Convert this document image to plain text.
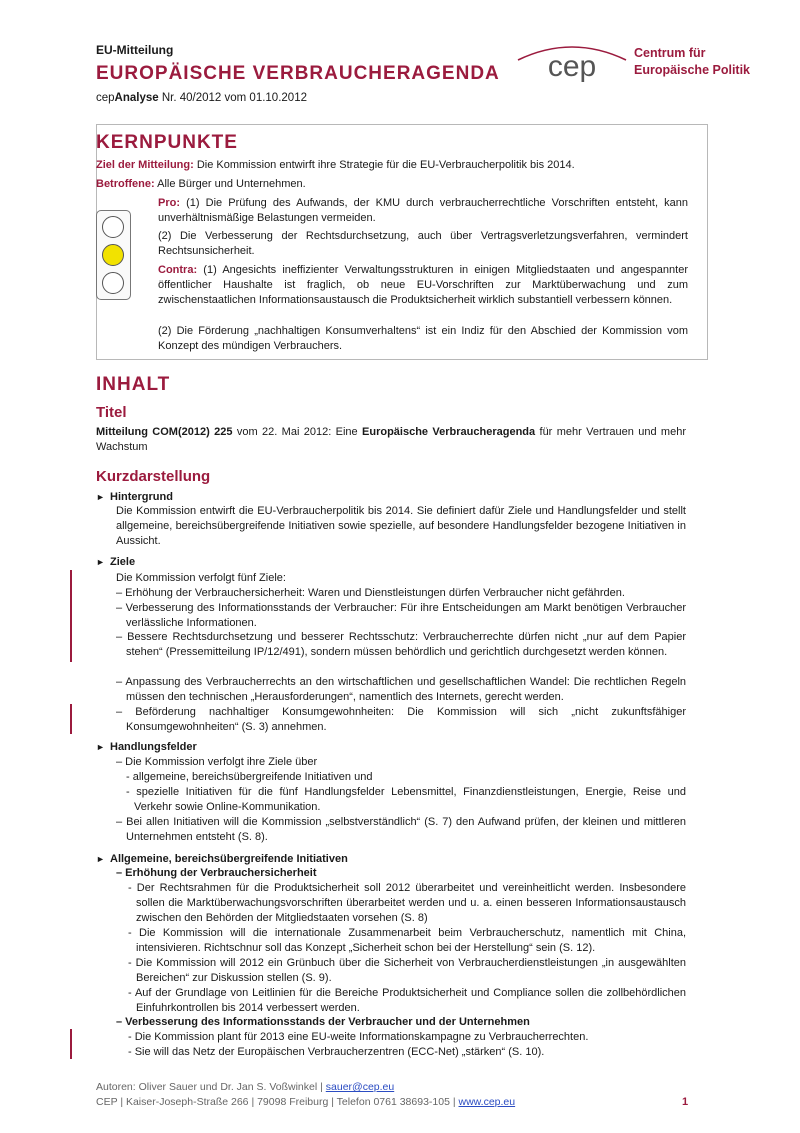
EU-Mitteilung
EUROPÄISCHE VERBRAUCHERAGENDA
cepAnalyse Nr. 40/2012 vom 01.10.2012
cep	Centrum für
Europäische Politik
KERNPUNKTE
Ziel der Mitteilung: Die Kommission entwirft ihre Strategie für die EU-Verbraucherpolitik bis 2014.
Betroffene: Alle Bürger und Unternehmen.
Pro: (1) Die Prüfung des Aufwands, der KMU durch verbraucherrechtliche Vorschriften entsteht, kann unverhältnismäßige Belastungen vermeiden.
(2) Die Verbesserung der Rechtsdurchsetzung, auch über Vertragsverletzungsverfahren, vermindert Rechtsunsicherheit.
Contra: (1) Angesichts ineffizienter Verwaltungsstrukturen in einigen Mitgliedstaaten und angespannter öffentlicher Haushalte ist fraglich, ob neue EU-Vorschriften zur Marktüberwachung und zum zwischenstaatlichen Informationsaustausch die Produktsicherheit wirklich substantiell verbessern können.
(2) Die Förderung „nachhaltigen Konsumverhaltens“ ist ein Indiz für den Abschied der Kommission vom Konzept des mündigen Verbrauchers.
INHALT
Titel
Mitteilung COM(2012) 225 vom 22. Mai 2012: Eine Europäische Verbraucheragenda für mehr Vertrauen und mehr Wachstum
Kurzdarstellung
► Hintergrund
Die Kommission entwirft die EU-Verbraucherpolitik bis 2014. Sie definiert dafür Ziele und Handlungsfelder und stellt allgemeine, bereichsübergreifende Initiativen sowie spezielle, auf besondere Handlungsfelder bezogene Initiativen in Aussicht.
► Ziele
Die Kommission verfolgt fünf Ziele:
– Erhöhung der Verbrauchersicherheit: Waren und Dienstleistungen dürfen Verbraucher nicht gefährden.
– Verbesserung des Informationsstands der Verbraucher: Für ihre Entscheidungen am Markt benötigen Verbraucher verlässliche Informationen.
– Bessere Rechtsdurchsetzung und besserer Rechtsschutz: Verbraucherrechte dürfen nicht „nur auf dem Papier stehen“ (Pressemitteilung IP/12/491), sondern müssen behördlich und gerichtlich durchgesetzt werden können.
– Anpassung des Verbraucherrechts an den wirtschaftlichen und gesellschaftlichen Wandel: Die rechtlichen Regeln müssen den technischen „Herausforderungen“, namentlich des Internets, gerecht werden.
– Beförderung nachhaltiger Konsumgewohnheiten: Die Kommission will sich „nicht zukunftsfähiger Konsumgewohnheiten“ (S. 3) annehmen.
► Handlungsfelder
– Die Kommission verfolgt ihre Ziele über
- allgemeine, bereichsübergreifende Initiativen und
- spezielle Initiativen für die fünf Handlungsfelder Lebensmittel, Finanzdienstleistungen, Energie, Reise und Verkehr sowie Online-Kommunikation.
– Bei allen Initiativen will die Kommission „selbstverständlich“ (S. 7) den Aufwand prüfen, der kleinen und mittleren Unternehmen entsteht (S. 8).
► Allgemeine, bereichsübergreifende Initiativen
– Erhöhung der Verbrauchersicherheit
- Der Rechtsrahmen für die Produktsicherheit soll 2012 überarbeitet und vereinheitlicht werden. Insbesondere sollen die Marktüberwachungsvorschriften überarbeitet werden und u. a. einen besseren Informationsaustausch zwischen den Behörden der Mitgliedstaaten vorsehen (S. 8)
- Die Kommission will die internationale Zusammenarbeit beim Verbraucherschutz, namentlich mit China, intensivieren. Richtschnur soll das Konzept „Sicherheit schon bei der Herstellung“ sein (S. 12).
- Die Kommission will 2012 ein Grünbuch über die Sicherheit von Verbraucherdienstleistungen „in ausgewählten Bereichen“ zur Diskussion stellen (S. 9).
- Auf der Grundlage von Leitlinien für die Bereiche Produktsicherheit und Compliance sollen die zollbehördlichen Einfuhrkontrollen bis 2014 verbessert werden.
– Verbesserung des Informationsstands der Verbraucher und der Unternehmen
- Die Kommission plant für 2013 eine EU-weite Informationskampagne zu Verbraucherrechten.
- Sie will das Netz der Europäischen Verbraucherzentren (ECC-Net) „stärken“ (S. 10).
Autoren: Oliver Sauer und Dr. Jan S. Voßwinkel | sauer@cep.eu
CEP | Kaiser-Joseph-Straße 266 | 79098 Freiburg | Telefon 0761 38693-105 | www.cep.eu	1
